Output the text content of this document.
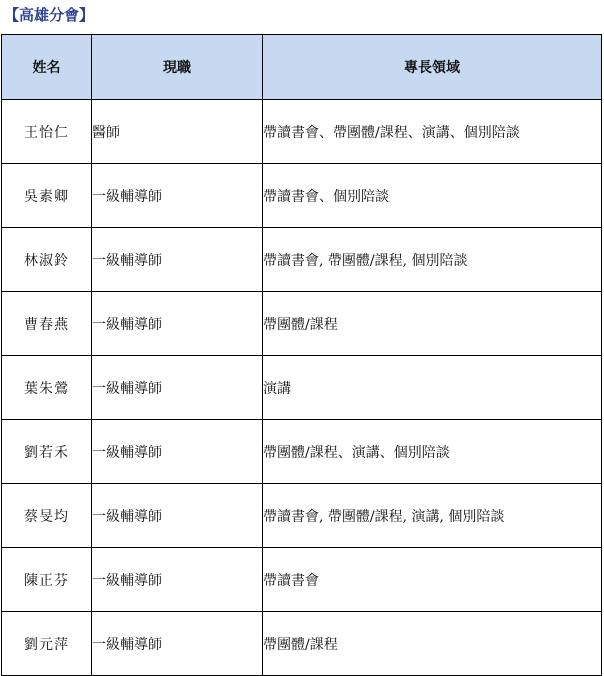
【高雄分會】
姓名	現職	專長領域
王怡仁	醫師	帶讀書會、帶團體/課程、演講、個別陪談
吳素卿	一級輔導師	帶讀書會、個別陪談
林淑鈴	一級輔導師	帶讀書會, 帶團體/課程, 個別陪談
曹春燕	一級輔導師	帶團體/課程
葉朱鶯	一級輔導師	演講
劉若禾	一級輔導師	帶團體/課程、演講、個別陪談
蔡旻均	一級輔導師	帶讀書會, 帶團體/課程, 演講, 個別陪談
陳正芬	一級輔導師	帶讀書會
劉元萍	一級輔導師	帶團體/課程
